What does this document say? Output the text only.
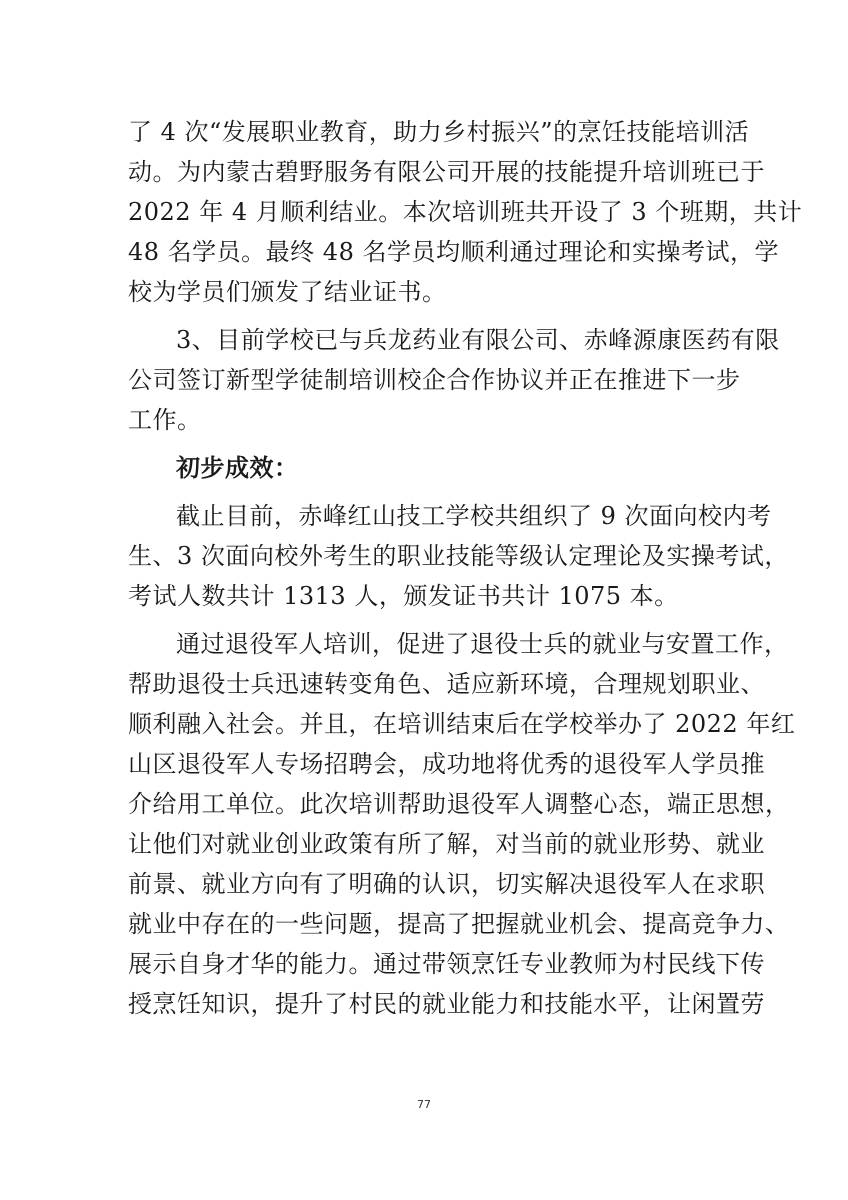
了 4 次“发展职业教育，助力乡村振兴”的烹饪技能培训活
动。为内蒙古碧野服务有限公司开展的技能提升培训班已于
2022 年 4 月顺利结业。本次培训班共开设了 3 个班期，共计
48 名学员。最终 48 名学员均顺利通过理论和实操考试，学
校为学员们颁发了结业证书。
3、目前学校已与兵龙药业有限公司、赤峰源康医药有限
公司签订新型学徒制培训校企合作协议并正在推进下一步
工作。
初步成效：
截止目前，赤峰红山技工学校共组织了 9 次面向校内考
生、3 次面向校外考生的职业技能等级认定理论及实操考试，
考试人数共计 1313 人，颁发证书共计 1075 本。
通过退役军人培训，促进了退役士兵的就业与安置工作，
帮助退役士兵迅速转变角色、适应新环境，合理规划职业、
顺利融入社会。并且，在培训结束后在学校举办了 2022 年红
山区退役军人专场招聘会，成功地将优秀的退役军人学员推
介给用工单位。此次培训帮助退役军人调整心态，端正思想，
让他们对就业创业政策有所了解，对当前的就业形势、就业
前景、就业方向有了明确的认识，切实解决退役军人在求职
就业中存在的一些问题，提高了把握就业机会、提高竞争力、
展示自身才华的能力。通过带领烹饪专业教师为村民线下传
授烹饪知识，提升了村民的就业能力和技能水平，让闲置劳
77
